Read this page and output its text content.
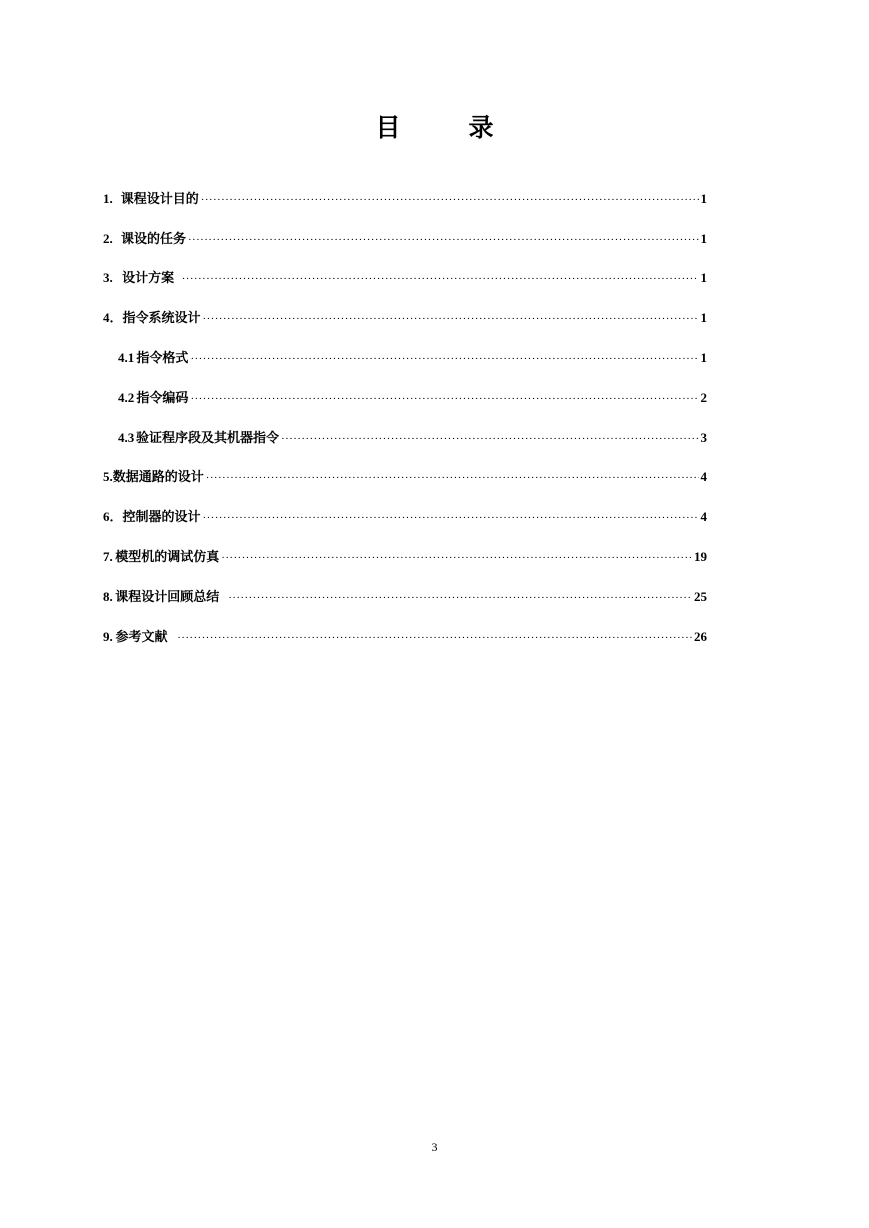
目	录
1. 课程设计目的 ·····	1
2. 课设的任务 ·····	1
3. 设计方案 ·····	1
4． 指令系统设计 ·····	1
4.1 指令格式 ·····	1
4.2 指令编码 ·····	2
4.3 验证程序段及其机器指令 ·····	3
5. 数据通路的设计 ·····	4
6． 控制器的设计 ·····	4
7. 模型机的调试仿真 ·····	19
8. 课程设计回顾总结 ·····	25
9. 参考文献 ·····	26
3
